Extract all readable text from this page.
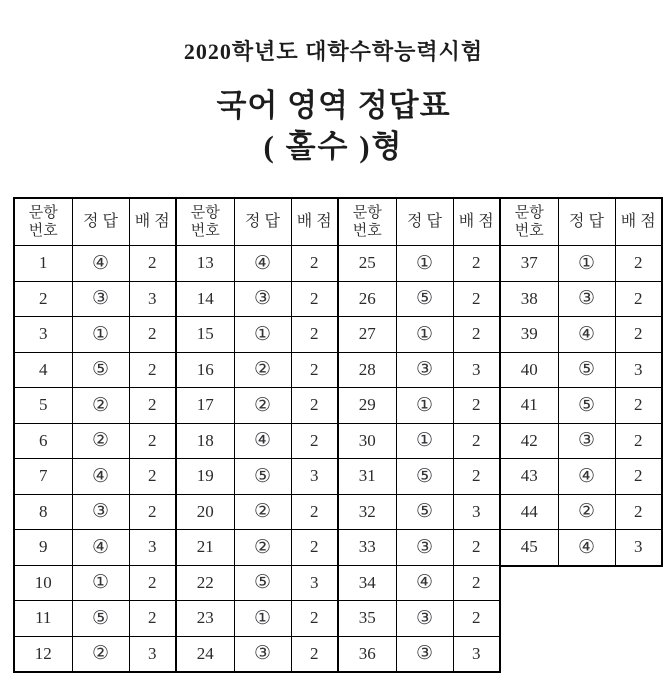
2020학년도 대학수학능력시험
국어 영역 정답표
( 홀수 )형
문항
번호	정 답	배 점
1	④	2
2	③	3
3	①	2
4	⑤	2
5	②	2
6	②	2
7	④	2
8	③	2
9	④	3
10	①	2
11	⑤	2
12	②	3
문항
번호	정 답	배 점
13	④	2
14	③	2
15	①	2
16	②	2
17	②	2
18	④	2
19	⑤	3
20	②	2
21	②	2
22	⑤	3
23	①	2
24	③	2
문항
번호	정 답	배 점
25	①	2
26	⑤	2
27	①	2
28	③	3
29	①	2
30	①	2
31	⑤	2
32	⑤	3
33	③	2
34	④	2
35	③	2
36	③	3
문항
번호	정 답	배 점
37	①	2
38	③	2
39	④	2
40	⑤	3
41	⑤	2
42	③	2
43	④	2
44	②	2
45	④	3
